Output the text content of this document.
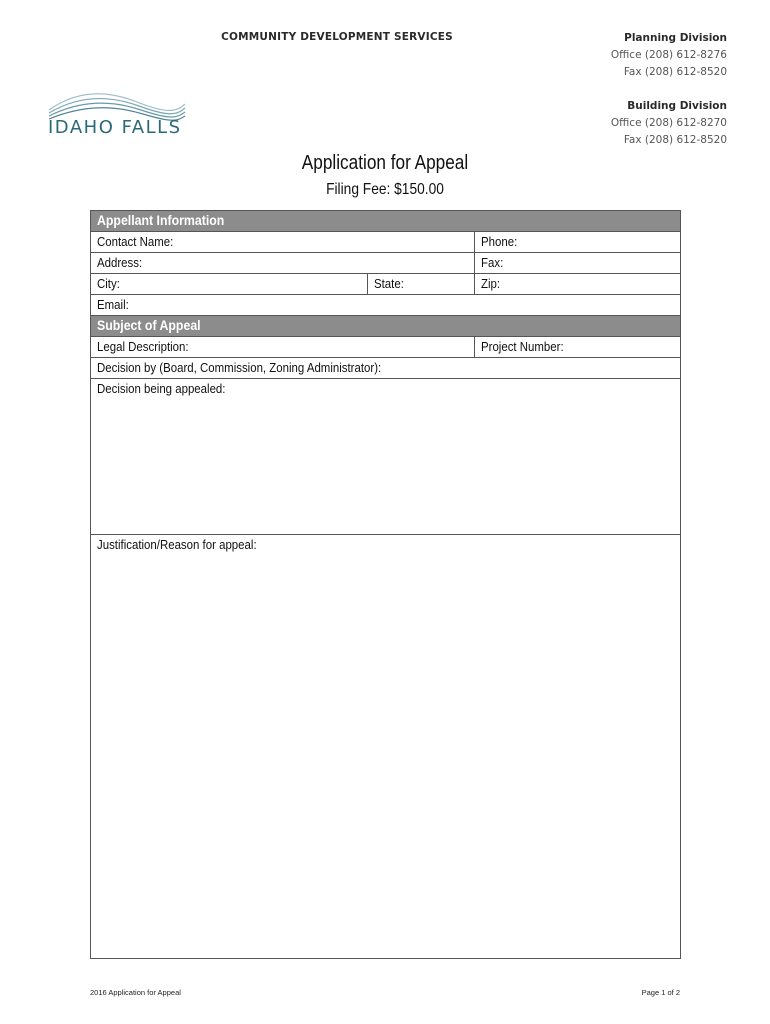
COMMUNITY DEVELOPMENT SERVICES	Planning Division
Office (208) 612-8276
Fax (208) 612-8520
Building Division
Office (208) 612-8270
Fax (208) 612-8520
IDAHO FALLS
Application for Appeal
Filing Fee: $150.00
Appellant Information		
Contact Name:		Phone:
Address:		Fax:
City:	State:	Zip:
Email:		
Subject of Appeal		
Legal Description:		Project Number:
Decision by (Board, Commission, Zoning Administrator):		
Decision being appealed:		
Justification/Reason for appeal:		
2016 Application for Appeal	Page 1 of 2
